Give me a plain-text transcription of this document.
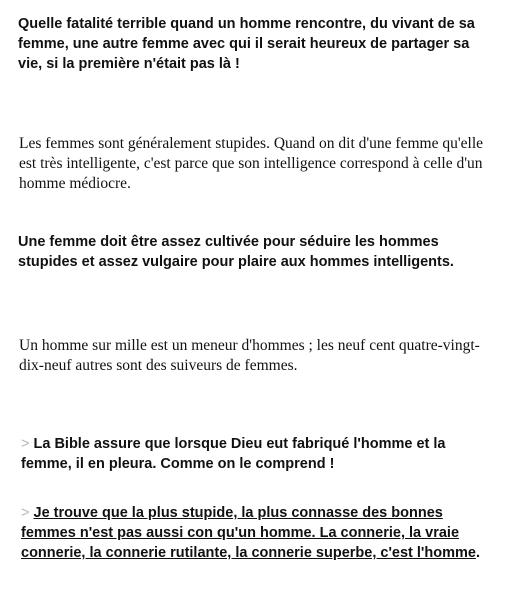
Quelle fatalité terrible quand un homme rencontre, du vivant de sa femme, une autre femme avec qui il serait heureux de partager sa vie, si la première n'était pas là !
Les femmes sont généralement stupides. Quand on dit d'une femme qu'elle est très intelligente, c'est parce que son intelligence correspond à celle d'un homme médiocre.
Une femme doit être assez cultivée pour séduire les hommes stupides et assez vulgaire pour plaire aux hommes intelligents.
Un homme sur mille est un meneur d'hommes ; les neuf cent quatre-vingt-dix-neuf autres sont des suiveurs de femmes.
> La Bible assure que lorsque Dieu eut fabriqué l'homme et la femme, il en pleura. Comme on le comprend !
> Je trouve que la plus stupide, la plus connasse des bonnes femmes n'est pas aussi con qu'un homme. La connerie, la vraie connerie, la connerie rutilante, la connerie superbe, c'est l'homme.
